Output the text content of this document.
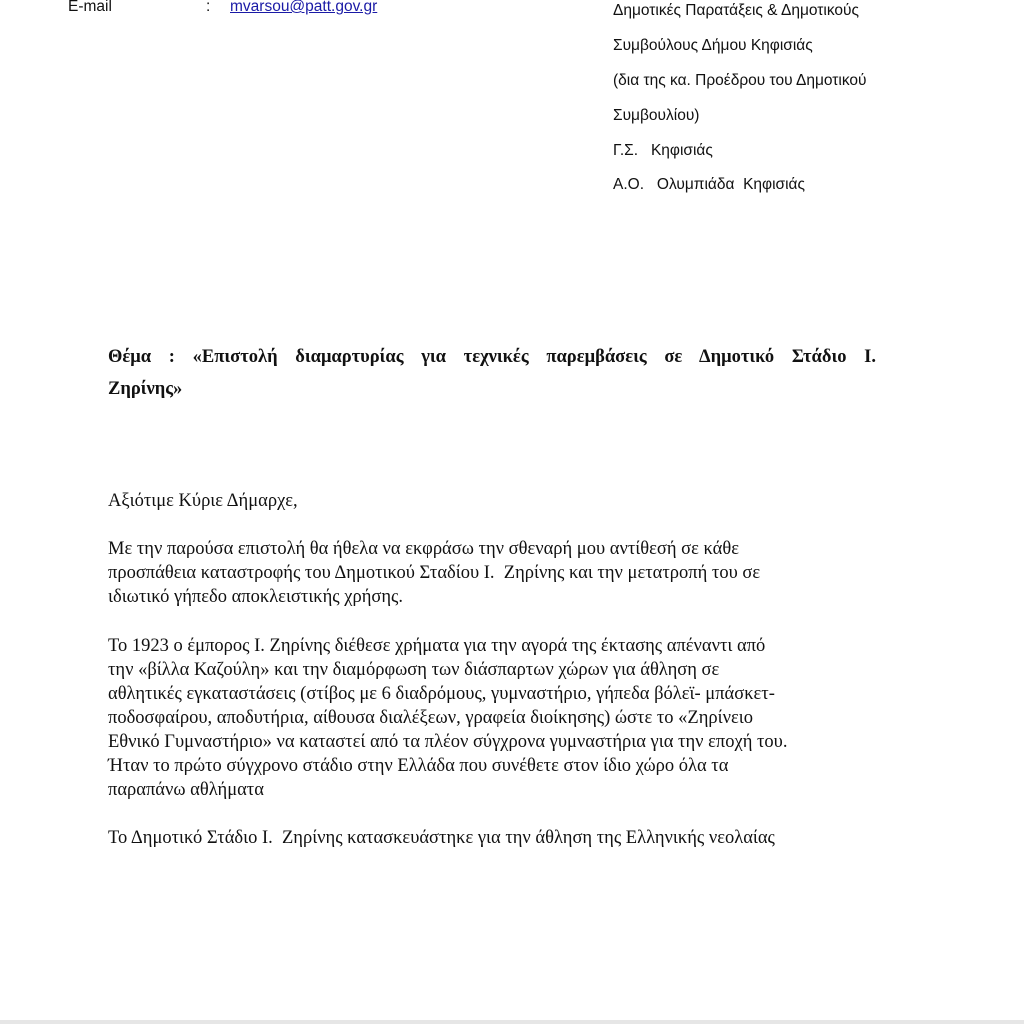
E-mail	: mvarsou@patt.gov.gr	Δημοτικές Παρατάξεις & Δημοτικούς
Συμβούλους Δήμου Κηφισιάς
(δια της κα. Προέδρου του Δημοτικού
Συμβουλίου)
Γ.Σ.   Κηφισιάς
Α.Ο.   Ολυμπιάδα  Κηφισιάς
Θέμα : «Επιστολή διαμαρτυρίας για τεχνικές παρεμβάσεις σε Δημοτικό Στάδιο Ι.
Ζηρίνης»
Αξιότιμε Κύριε Δήμαρχε,
Με την παρούσα επιστολή θα ήθελα να εκφράσω την σθεναρή μου αντίθεσή σε κάθε
προσπάθεια καταστροφής του Δημοτικού Σταδίου Ι.  Ζηρίνης και την μετατροπή του σε
ιδιωτικό γήπεδο αποκλειστικής χρήσης.
Το 1923 ο έμπορος Ι. Ζηρίνης διέθεσε χρήματα για την αγορά της έκτασης απέναντι από
την «βίλλα Καζούλη» και την διαμόρφωση των διάσπαρτων χώρων για άθληση σε
αθλητικές εγκαταστάσεις (στίβος με 6 διαδρόμους, γυμναστήριο, γήπεδα βόλεϊ- μπάσκετ-
ποδοσφαίρου, αποδυτήρια, αίθουσα διαλέξεων, γραφεία διοίκησης) ώστε το «Ζηρίνειο
Εθνικό Γυμναστήριο» να καταστεί από τα πλέον σύγχρονα γυμναστήρια για την εποχή του.
Ήταν το πρώτο σύγχρονο στάδιο στην Ελλάδα που συνέθετε στον ίδιο χώρο όλα τα
παραπάνω αθλήματα
Το Δημοτικό Στάδιο Ι.  Ζηρίνης κατασκευάστηκε για την άθληση της Ελληνικής νεολαίας
